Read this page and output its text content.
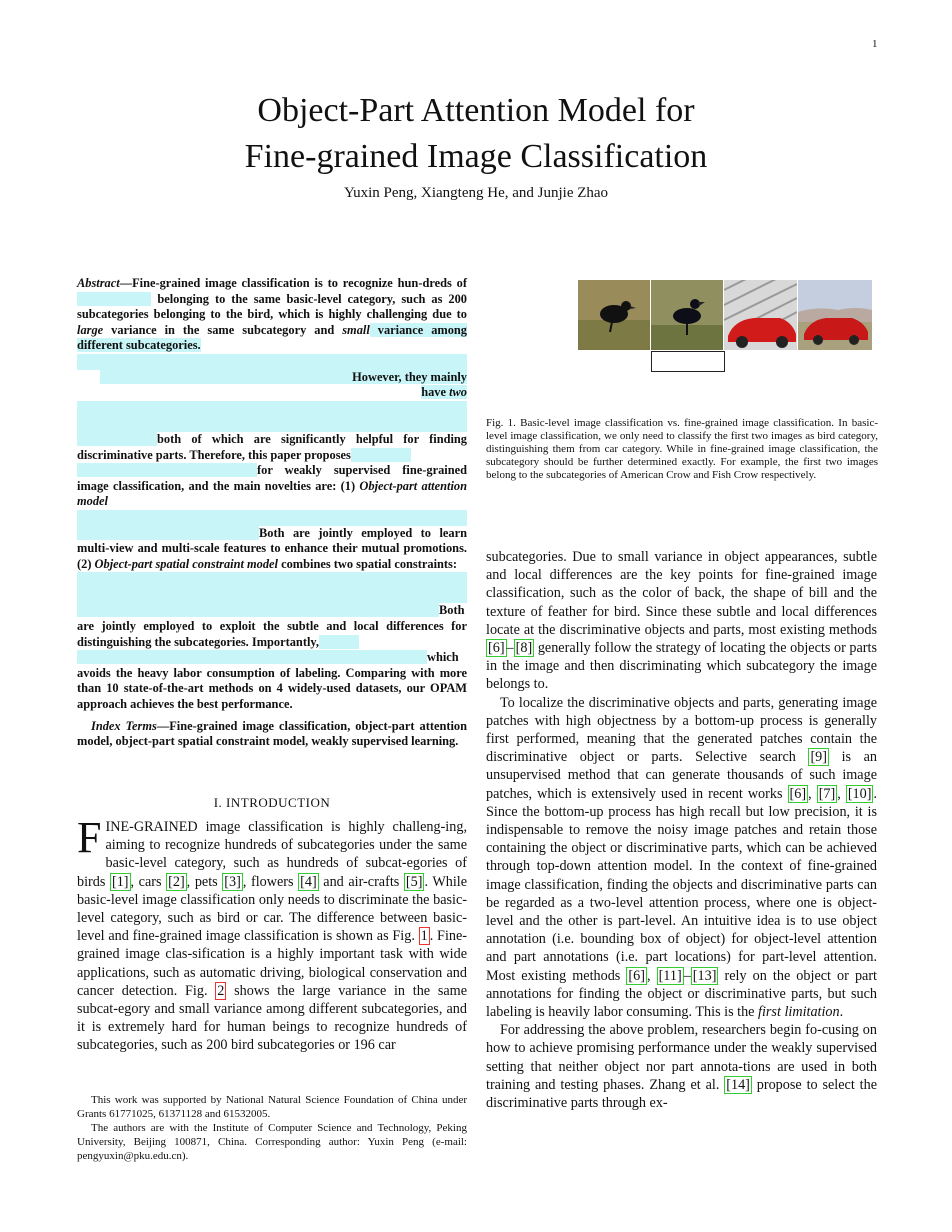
1
Object-Part Attention Model for
Fine-grained Image Classification
Yuxin Peng, Xiangteng He, and Junjie Zhao

Abstract—Fine-grained image classification is to recognize hun-dreds of              belonging to the same basic-level category, such as 200 subcategories belonging to the bird, which is highly challenging due to large variance in the same subcategory and small variance among different subcategories.

However, they mainly have two

both of which are significantly helpful for finding discriminative parts. Therefore, this paper proposes

for weakly supervised fine-grained image classification, and the main novelties are: (1) Object-part attention model

Both are jointly employed to learn multi-view and multi-scale features to enhance their mutual promotions. (2) Object-part spatial constraint model combines two spatial constraints:

Both are jointly employed to exploit the subtle and local differences for distinguishing the subcategories. Importantly,

which avoids the heavy labor consumption of labeling. Comparing with more than 10 state-of-the-art methods on 4 widely-used datasets, our OPAM approach achieves the best performance.

Index Terms—Fine-grained image classification, object-part attention model, object-part spatial constraint model, weakly supervised learning.

I. INTRODUCTION

FINE-GRAINED image classification is highly challeng-ing, aiming to recognize hundreds of subcategories under the same basic-level category, such as hundreds of subcat-egories of birds [1] , cars [2] , pets [3] , flowers [4] and air-crafts [5] . While basic-level image classification only needs to discriminate the basic-level category, such as bird or car. The difference between basic-level and fine-grained image classification is shown as Fig. 1 . Fine-grained image clas-sification is a highly important task with wide applications, such as automatic driving, biological conservation and cancer detection. Fig. 2 shows the large variance in the same subcat-egory and small variance among different subcategories, and it is extremely hard for human beings to recognize hundreds of subcategories, such as 200 bird subcategories or 196 car

This work was supported by National Natural Science Foundation of China under Grants 61771025, 61371128 and 61532005.

The authors are with the Institute of Computer Science and Technology, Peking University, Beijing 100871, China. Corresponding author: Yuxin Peng (e-mail: pengyuxin@pku.edu.cn).

Fig. 1. Basic-level image classification vs. fine-grained image classification. In basic-level image classification, we only need to classify the first two images as bird category, distinguishing them from car category. While in fine-grained image classification, the subcategory should be further determined exactly. For example, the first two images belong to the subcategories of American Crow and Fish Crow respectively.

subcategories. Due to small variance in object appearances, subtle and local differences are the key points for fine-grained image classification, such as the color of back, the shape of bill and the texture of feather for bird. Since these subtle and local differences locate at the discriminative objects and parts, most existing methods [6] – [8] generally follow the strategy of locating the objects or parts in the image and then discriminating which subcategory the image belongs to.

To localize the discriminative objects and parts, generating image patches with high objectness by a bottom-up process is generally first performed, meaning that the generated patches contain the discriminative object or parts. Selective search [9] is an unsupervised method that can generate thousands of such image patches, which is extensively used in recent works [6] , [7] , [10] . Since the bottom-up process has high recall but low precision, it is indispensable to remove the noisy image patches and retain those containing the object or discriminative parts, which can be achieved through top-down attention model. In the context of fine-grained image classification, finding the objects and discriminative parts can be regarded as a two-level attention process, where one is object-level and the other is part-level. An intuitive idea is to use object annotation (i.e. bounding box of object) for object-level attention and part annotations (i.e. part locations) for part-level attention. Most existing methods [6] , [11] – [13] rely on the object or part annotations for finding the object or discriminative parts, but such labeling is heavily labor consuming. This is the first limitation.

For addressing the above problem, researchers begin fo-cusing on how to achieve promising performance under the weakly supervised setting that neither object nor part annota-tions are used in both training and testing phases. Zhang et al. [14] propose to select the discriminative parts through ex-
